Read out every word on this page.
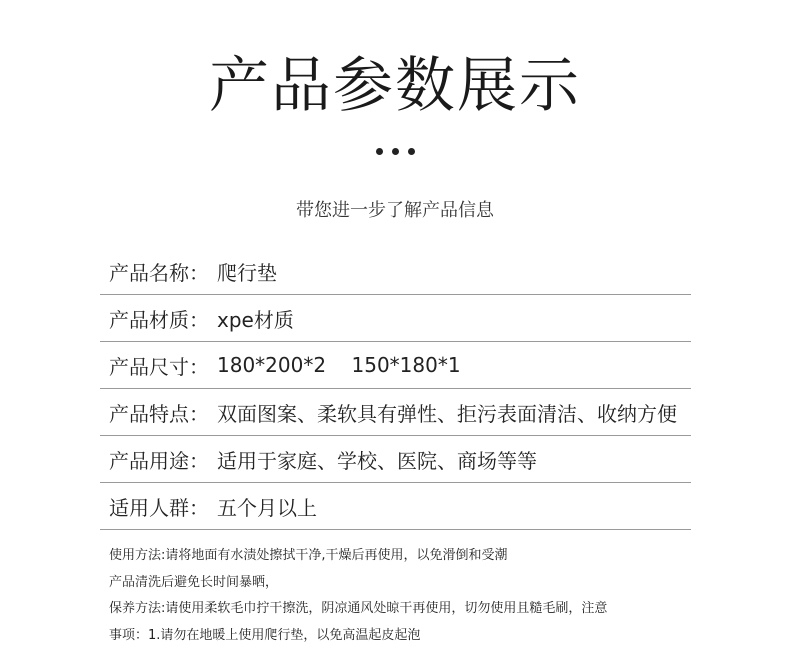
产品参数展示
带您进一步了解产品信息
产品名称 ： 爬行垫
产品材质 ： xpe材质
产品尺寸 ： 180*200*2    150*180*1
产品特点 ： 双面图案、柔软具有弹性、拒污表面清洁、收纳方便
产品用途 ： 适用于家庭、学校、医院、商场等等
适用人群 ： 五个月以上
使用方法:请将地面有水渍处擦拭干净,干燥后再使用，以免滑倒和受潮
产品清洗后避免长时间暴晒，
保养方法:请使用柔软毛巾拧干擦洗，阴凉通风处晾干再使用，切勿使用且糙毛刷，注意
事项：1.请勿在地暖上使用爬行垫，以免高温起皮起泡
